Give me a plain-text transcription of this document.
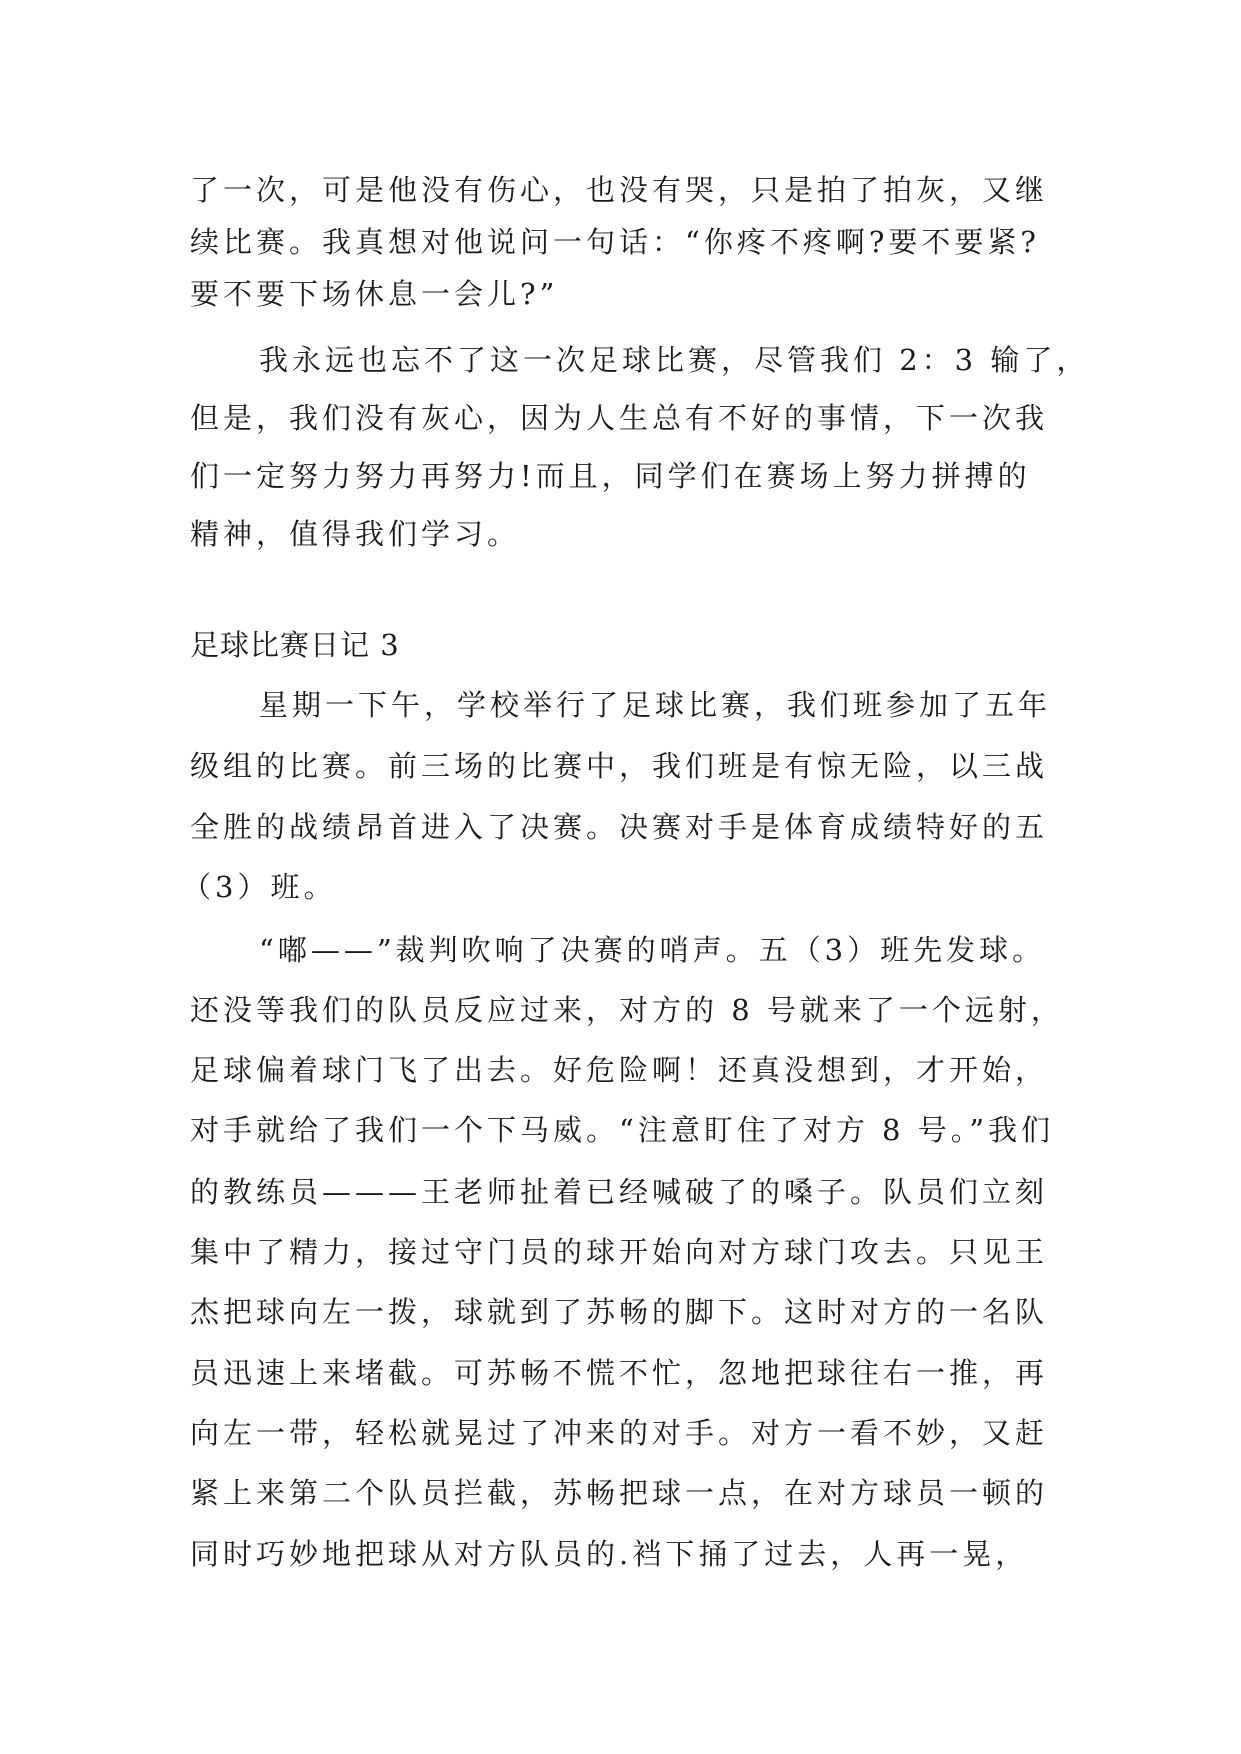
了一次，可是他没有伤心，也没有哭，只是拍了拍灰，又继
续比赛。我真想对他说问一句话：“你疼不疼啊?要不要紧?
要不要下场休息一会儿?”
我永远也忘不了这一次足球比赛，尽管我们 2：3 输了，
但是，我们没有灰心，因为人生总有不好的事情，下一次我
们一定努力努力再努力!而且，同学们在赛场上努力拼搏的
精神，值得我们学习。
足球比赛日记 3
星期一下午，学校举行了足球比赛，我们班参加了五年
级组的比赛。前三场的比赛中，我们班是有惊无险，以三战
全胜的战绩昂首进入了决赛。决赛对手是体育成绩特好的五
（3）班。
“嘟——”裁判吹响了决赛的哨声。五（3）班先发球。
还没等我们的队员反应过来，对方的 8 号就来了一个远射，
足球偏着球门飞了出去。好危险啊！还真没想到，才开始，
对手就给了我们一个下马威。“注意盯住了对方 8 号。”我们
的教练员———王老师扯着已经喊破了的嗓子。队员们立刻
集中了精力，接过守门员的球开始向对方球门攻去。只见王
杰把球向左一拨，球就到了苏畅的脚下。这时对方的一名队
员迅速上来堵截。可苏畅不慌不忙，忽地把球往右一推，再
向左一带，轻松就晃过了冲来的对手。对方一看不妙，又赶
紧上来第二个队员拦截，苏畅把球一点，在对方球员一顿的
同时巧妙地把球从对方队员的.裆下捅了过去，人再一晃，
